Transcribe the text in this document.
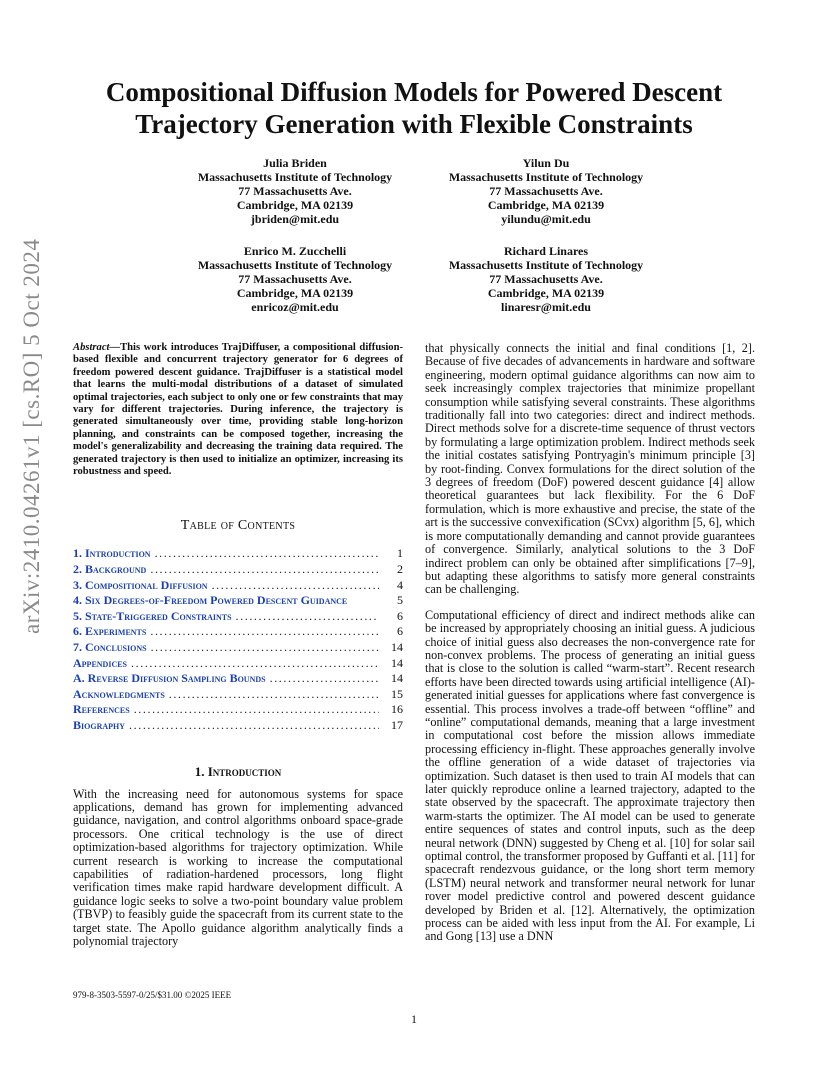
arXiv:2410.04261v1 [cs.RO] 5 Oct 2024
Compositional Diffusion Models for Powered Descent
Trajectory Generation with Flexible Constraints
Julia Briden
Massachusetts Institute of Technology
77 Massachusetts Ave.
Cambridge, MA 02139
jbriden@mit.edu
Yilun Du
Massachusetts Institute of Technology
77 Massachusetts Ave.
Cambridge, MA 02139
yilundu@mit.edu
Enrico M. Zucchelli
Massachusetts Institute of Technology
77 Massachusetts Ave.
Cambridge, MA 02139
enricoz@mit.edu
Richard Linares
Massachusetts Institute of Technology
77 Massachusetts Ave.
Cambridge, MA 02139
linaresr@mit.edu

Abstract—This work introduces TrajDiffuser, a compositional diffusion-based flexible and concurrent trajectory generator for 6 degrees of freedom powered descent guidance. TrajDiffuser is a statistical model that learns the multi-modal distributions of a dataset of simulated optimal trajectories, each subject to only one or few constraints that may vary for different trajectories. During inference, the trajectory is generated simultaneously over time, providing stable long-horizon planning, and constraints can be composed together, increasing the model's generalizability and decreasing the training data required. The generated trajectory is then used to initialize an optimizer, increasing its robustness and speed.

Table of Contents
1. Introduction .....	1
2. Background .....	2
3. Compositional Diffusion .....	4
4. Six Degrees-of-Freedom Powered Descent Guidance	5
5. State-Triggered Constraints .....	6
6. Experiments .....	6
7. Conclusions .....	14
Appendices .....	14
A. Reverse Diffusion Sampling Bounds .....	14
Acknowledgments .....	15
References .....	16
Biography .....	17
1. Introduction

With the increasing need for autonomous systems for space applications, demand has grown for implementing advanced guidance, navigation, and control algorithms onboard space-grade processors. One critical technology is the use of direct optimization-based algorithms for trajectory optimization. While current research is working to increase the computational capabilities of radiation-hardened processors, long flight verification times make rapid hardware development difficult. A guidance logic seeks to solve a two-point boundary value problem (TBVP) to feasibly guide the spacecraft from its current state to the target state. The Apollo guidance algorithm analytically finds a polynomial trajectory

that physically connects the initial and final conditions [1, 2]. Because of five decades of advancements in hardware and software engineering, modern optimal guidance algorithms can now aim to seek increasingly complex trajectories that minimize propellant consumption while satisfying several constraints. These algorithms traditionally fall into two categories: direct and indirect methods. Direct methods solve for a discrete-time sequence of thrust vectors by formulating a large optimization problem. Indirect methods seek the initial costates satisfying Pontryagin's minimum principle [3] by root-finding. Convex formulations for the direct solution of the 3 degrees of freedom (DoF) powered descent guidance [4] allow theoretical guarantees but lack flexibility. For the 6 DoF formulation, which is more exhaustive and precise, the state of the art is the successive convexification (SCvx) algorithm [5, 6], which is more computationally demanding and cannot provide guarantees of convergence. Similarly, analytical solutions to the 3 DoF indirect problem can only be obtained after simplifications [7–9], but adapting these algorithms to satisfy more general constraints can be challenging.

Computational efficiency of direct and indirect methods alike can be increased by appropriately choosing an initial guess. A judicious choice of initial guess also decreases the non-convergence rate for non-convex problems. The process of generating an initial guess that is close to the solution is called “warm-start”. Recent research efforts have been directed towards using artificial intelligence (AI)-generated initial guesses for applications where fast convergence is essential. This process involves a trade-off between “offline” and “online” computational demands, meaning that a large investment in computational cost before the mission allows immediate processing efficiency in-flight. These approaches generally involve the offline generation of a wide dataset of trajectories via optimization. Such dataset is then used to train AI models that can later quickly reproduce online a learned trajectory, adapted to the state observed by the spacecraft. The approximate trajectory then warm-starts the optimizer. The AI model can be used to generate entire sequences of states and control inputs, such as the deep neural network (DNN) suggested by Cheng et al. [10] for solar sail optimal control, the transformer proposed by Guffanti et al. [11] for spacecraft rendezvous guidance, or the long short term memory (LSTM) neural network and transformer neural network for lunar rover model predictive control and powered descent guidance developed by Briden et al. [12]. Alternatively, the optimization process can be aided with less input from the AI. For example, Li and Gong [13] use a DNN

979-8-3503-5597-0/25/$31.00 ©2025 IEEE
1
